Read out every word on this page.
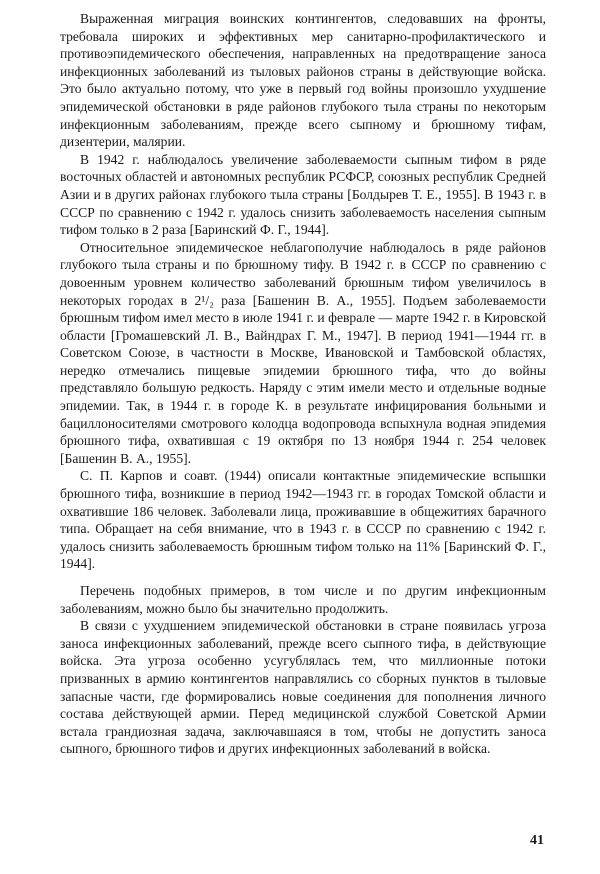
Выраженная миграция воинских контингентов, следовавших на фронты, требовала широких и эффективных мер санитарно-профилактического и противоэпидемического обеспечения, направленных на предотвращение заноса инфекционных заболеваний из тыловых районов страны в действующие войска. Это было актуально потому, что уже в первый год войны произошло ухудшение эпидемической обстановки в ряде районов глубокого тыла страны по некоторым инфекционным заболеваниям, прежде всего сыпному и брюшному тифам, дизентерии, малярии.

В 1942 г. наблюдалось увеличение заболеваемости сыпным тифом в ряде восточных областей и автономных республик РСФСР, союзных республик Средней Азии и в других районах глубокого тыла страны [Болдырев Т. Е., 1955]. В 1943 г. в СССР по сравнению с 1942 г. удалось снизить заболеваемость населения сыпным тифом только в 2 раза [Баринский Ф. Г., 1944].

Относительное эпидемическое неблагополучие наблюдалось в ряде районов глубокого тыла страны и по брюшному тифу. В 1942 г. в СССР по сравнению с довоенным уровнем количество заболеваний брюшным тифом увеличилось в некоторых городах в 2¹/₂ раза [Башенин В. А., 1955]. Подъем заболеваемости брюшным тифом имел место в июле 1941 г. и феврале — марте 1942 г. в Кировской области [Громашевский Л. В., Вайндрах Г. М., 1947]. В период 1941—1944 гг. в Советском Союзе, в частности в Москве, Ивановской и Тамбовской областях, нередко отмечались пищевые эпидемии брюшного тифа, что до войны представляло большую редкость. Наряду с этим имели место и отдельные водные эпидемии. Так, в 1944 г. в городе К. в результате инфицирования больными и бациллоносителями смотрового колодца водопровода вспыхнула водная эпидемия брюшного тифа, охватившая с 19 октября по 13 ноября 1944 г. 254 человек [Башенин В. А., 1955].

С. П. Карпов и соавт. (1944) описали контактные эпидемические вспышки брюшного тифа, возникшие в период 1942—1943 гг. в городах Томской области и охватившие 186 человек. Заболевали лица, проживавшие в общежитиях барачного типа. Обращает на себя внимание, что в 1943 г. в СССР по сравнению с 1942 г. удалось снизить заболеваемость брюшным тифом только на 11% [Баринский Ф. Г., 1944].

Перечень подобных примеров, в том числе и по другим инфекционным заболеваниям, можно было бы значительно продолжить.

В связи с ухудшением эпидемической обстановки в стране появилась угроза заноса инфекционных заболеваний, прежде всего сыпного тифа, в действующие войска. Эта угроза особенно усугублялась тем, что миллионные потоки призванных в армию контингентов направлялись со сборных пунктов в тыловые запасные части, где формировались новые соединения для пополнения личного состава действующей армии. Перед медицинской службой Советской Армии встала грандиозная задача, заключавшаяся в том, чтобы не допустить заноса сыпного, брюшного тифов и других инфекционных заболеваний в войска.

41
